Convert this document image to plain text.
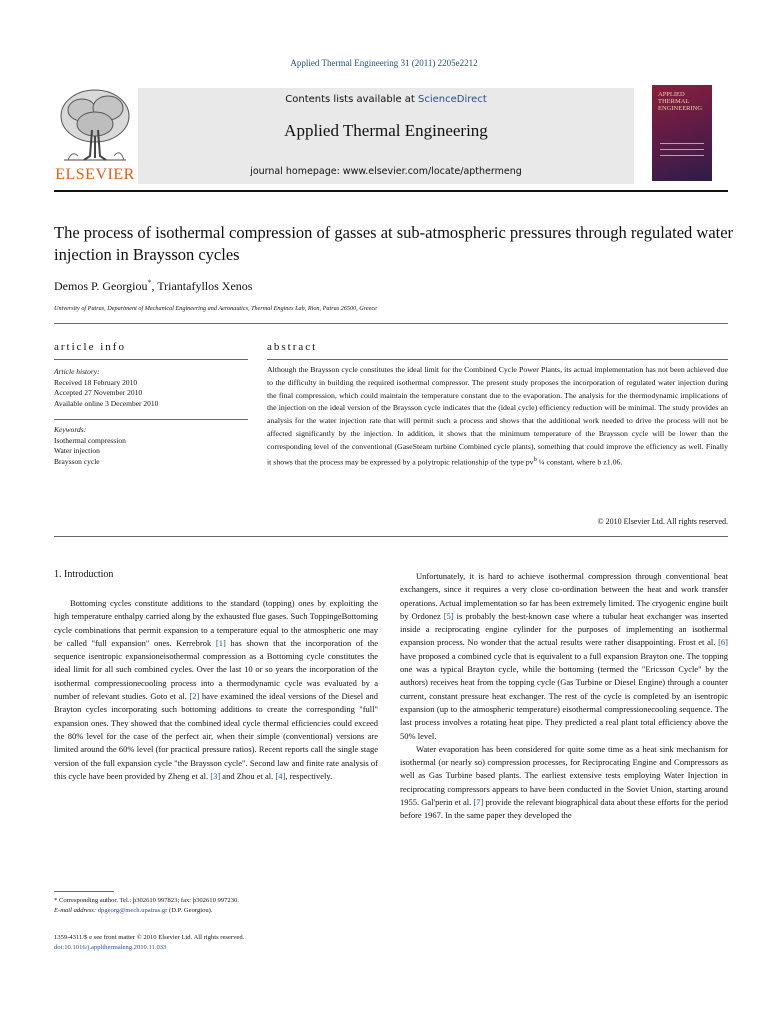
Applied Thermal Engineering 31 (2011) 2205e2212
ELSEVIER
Contents lists available at ScienceDirect
Applied Thermal Engineering
journal homepage: www.elsevier.com/locate/apthermeng
APPLIED THERMAL ENGINEERING
The process of isothermal compression of gasses at sub-atmospheric pressures through regulated water injection in Braysson cycles
Demos P. Georgiou*, Triantafyllos Xenos
University of Patras, Department of Mechanical Engineering and Aeronautics, Thermal Engines Lab, Rion, Patras 26500, Greece
article info
Article history:
Received 18 February 2010
Accepted 27 November 2010
Available online 3 December 2010
Keywords:
Isothermal compression
Water injection
Braysson cycle
abstract
Although the Braysson cycle constitutes the ideal limit for the Combined Cycle Power Plants, its actual implementation has not been achieved due to the difficulty in building the required isothermal compressor. The present study proposes the incorporation of regulated water injection during the final compression, which could maintain the temperature constant due to the evaporation. The analysis for the thermodynamic implications of the injection on the ideal version of the Braysson cycle indicates that the (ideal cycle) efficiency reduction will be minimal. The study provides an analysis for the water injection rate that will permit such a process and shows that the additional work needed to drive the process will not be affected significantly by the injection. In addition, it shows that the minimum temperature of the Braysson cycle will be lower than the corresponding level of the conventional (GaseSteam turbine Combined cycle plants), something that could improve the efficiency as well. Finally it shows that the process may be expressed by a polytropic relationship of the type $pv^b$ ¼ constant, where b z1.06.
© 2010 Elsevier Ltd. All rights reserved.
1. Introduction

Bottoming cycles constitute additions to the standard (topping) ones by exploiting the high temperature enthalpy carried along by the exhausted flue gases. Such ToppingeBottoming cycle combinations that permit expansion to a temperature equal to the atmospheric one may be called "full expansion" ones. Kerrebrok [1] has shown that the incorporation of the sequence isentropic expansioneisothermal compression as a Bottoming cycle constitutes the ideal limit for all such combined cycles. Over the last 10 or so years the incorporation of the isothermal compressionecooling process into a thermodynamic cycle was evaluated by a number of relevant studies. Goto et al. [2] have examined the ideal versions of the Diesel and Brayton cycles incorporating such bottoming additions to create the corresponding "full" expansion ones. They showed that the combined ideal cycle thermal efficiencies could exceed the 80% level for the case of the perfect air, when their simple (conventional) versions are limited around the 60% level (for practical pressure ratios). Recent reports call the single stage version of the full expansion cycle "the Braysson cycle". Second law and finite rate analysis of this cycle have been provided by Zheng et al. [3] and Zhou et al. [4], respectively.

Unfortunately, it is hard to achieve isothermal compression through conventional heat exchangers, since it requires a very close co-ordination between the heat and work transfer operations. Actual implementation so far has been extremely limited. The cryogenic engine built by Ordonez [5] is probably the best-known case where a tubular heat exchanger was inserted inside a reciprocating engine cylinder for the purposes of implementing an isothermal expansion process. No wonder that the actual results were rather disappointing. Frost et al. [6] have proposed a combined cycle that is equivalent to a full expansion Brayton one. The topping one was a typical Brayton cycle, while the bottoming (termed the "Ericsson Cycle" by the authors) receives heat from the topping cycle (Gas Turbine or Diesel Engine) through a counter current, constant pressure heat exchanger. The rest of the cycle is completed by an isentropic expansion (up to the atmospheric temperature) eisothermal compressionecooling sequence. The last process involves a rotating heat pipe. They predicted a real plant total efficiency above the 50% level.

Water evaporation has been considered for quite some time as a heat sink mechanism for isothermal (or nearly so) compression processes, for Reciprocating Engine and Compressors as well as Gas Turbine based plants. The earliest extensive tests employing Water Injection in reciprocating compressors appears to have been conducted in the Soviet Union, starting around 1955. Gal'perin et al. [7] provide the relevant biographical data about these efforts for the period before 1967. In the same paper they developed the

* Corresponding author. Tel.: þ302610 997823; fax: þ302610 997230.
E-mail address: dpgeorg@mech.upatras.gr (D.P. Georgiou).
1359-4311/$ e see front matter © 2010 Elsevier Ltd. All rights reserved.
doi:10.1016/j.applthermaleng.2010.11.033
